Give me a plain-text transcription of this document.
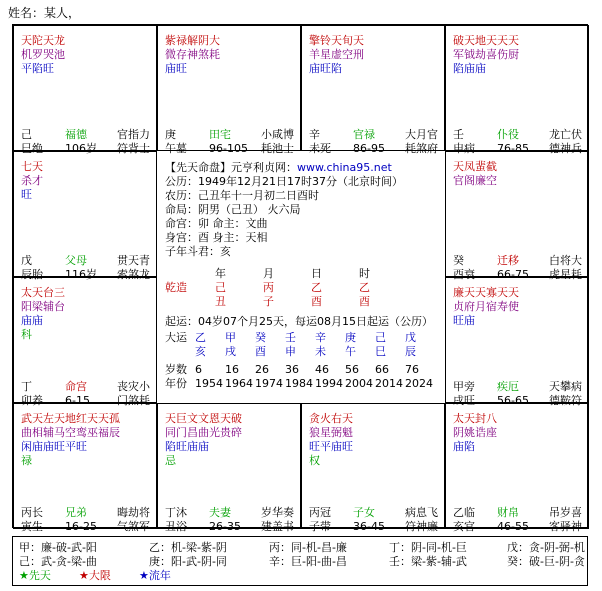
姓名：某人，
天陀天龙
机罗哭池
平陷旺
己	福德	官指力
巳绝 106岁 符背士
紫禄解阴大
微存神煞耗
庙旺
庚	田宅	小咸博
午墓 96-105 耗池士
擎铃天旬天
羊星虚空刑
庙旺陷
辛	官禄	大月官
未死 86-95 耗煞府
破天地天天天
军钺劫喜伤厨
陷庙庙
壬	仆役	龙亡伏
申病 76-85 德神兵
七天
杀才
旺
戊	父母	贯天青
辰胎 116岁 索煞龙
天凤蜚截
官阁廉空
癸	迁移	白将大
酉衰 66-75 虎星耗
太天台三
阳梁辅台
庙庙
科
丁	命宫	丧灾小
卯养 6-15 门煞耗
廉天天寡天天
贞府月宿寿使
旺庙
甲旁 疾厄	天攀病
戌旺 56-65 德鞍符
武天左天地红天天孤
曲相辅马空鸾巫福辰
闲庙庙旺平旺
禄
丙长 兄弟	晦劫将
寅生 16-25 气煞军
天巨文文恩天破
同门昌曲光贵碎
陷旺庙庙
忌
丁沐 夫妻	岁华奏
丑浴 26-35 建盖书
贪火右天
狼星弼魁
旺平庙旺
权
丙冠 子女	病息飞
子带 36-45 符神廉
太天封八
阴姚诰座
庙陷
乙临 财帛	吊岁喜
亥官 46-55 客驿神
【先天命盘】元亨利贞网：www.china95.net
公历：1949年12月21日17时37分（北京时间）
农历：己丑年十一月初二日酉时
命局：阴男（己丑） 火六局
命宫：卯 命主：文曲
身宫：酉 身主：天相
子年斗君：亥
年	月	日	时
乾造	己	丙	乙	乙
丑	子	酉	酉
起运：04岁07个月25天，每运08月15日起运（公历）
大运 乙 甲 癸 壬 辛 庚 己 戊
亥 戌 酉 申 未 午 巳 辰
岁数 6 16 26 36 46 56 66 76
年份 1954 1964 1974 1984 1994 2004 2014 2024
甲：廉-破-武-阳	乙：机-梁-紫-阴	丙：同-机-昌-廉	丁：阴-同-机-巨	戊：贪-阴-弼-机
己：武-贪-梁-曲	庚：阳-武-阴-同	辛：巨-阳-曲-昌	壬：梁-紫-辅-武	癸：破-巨-阴-贪
★先天	★大限	★流年
